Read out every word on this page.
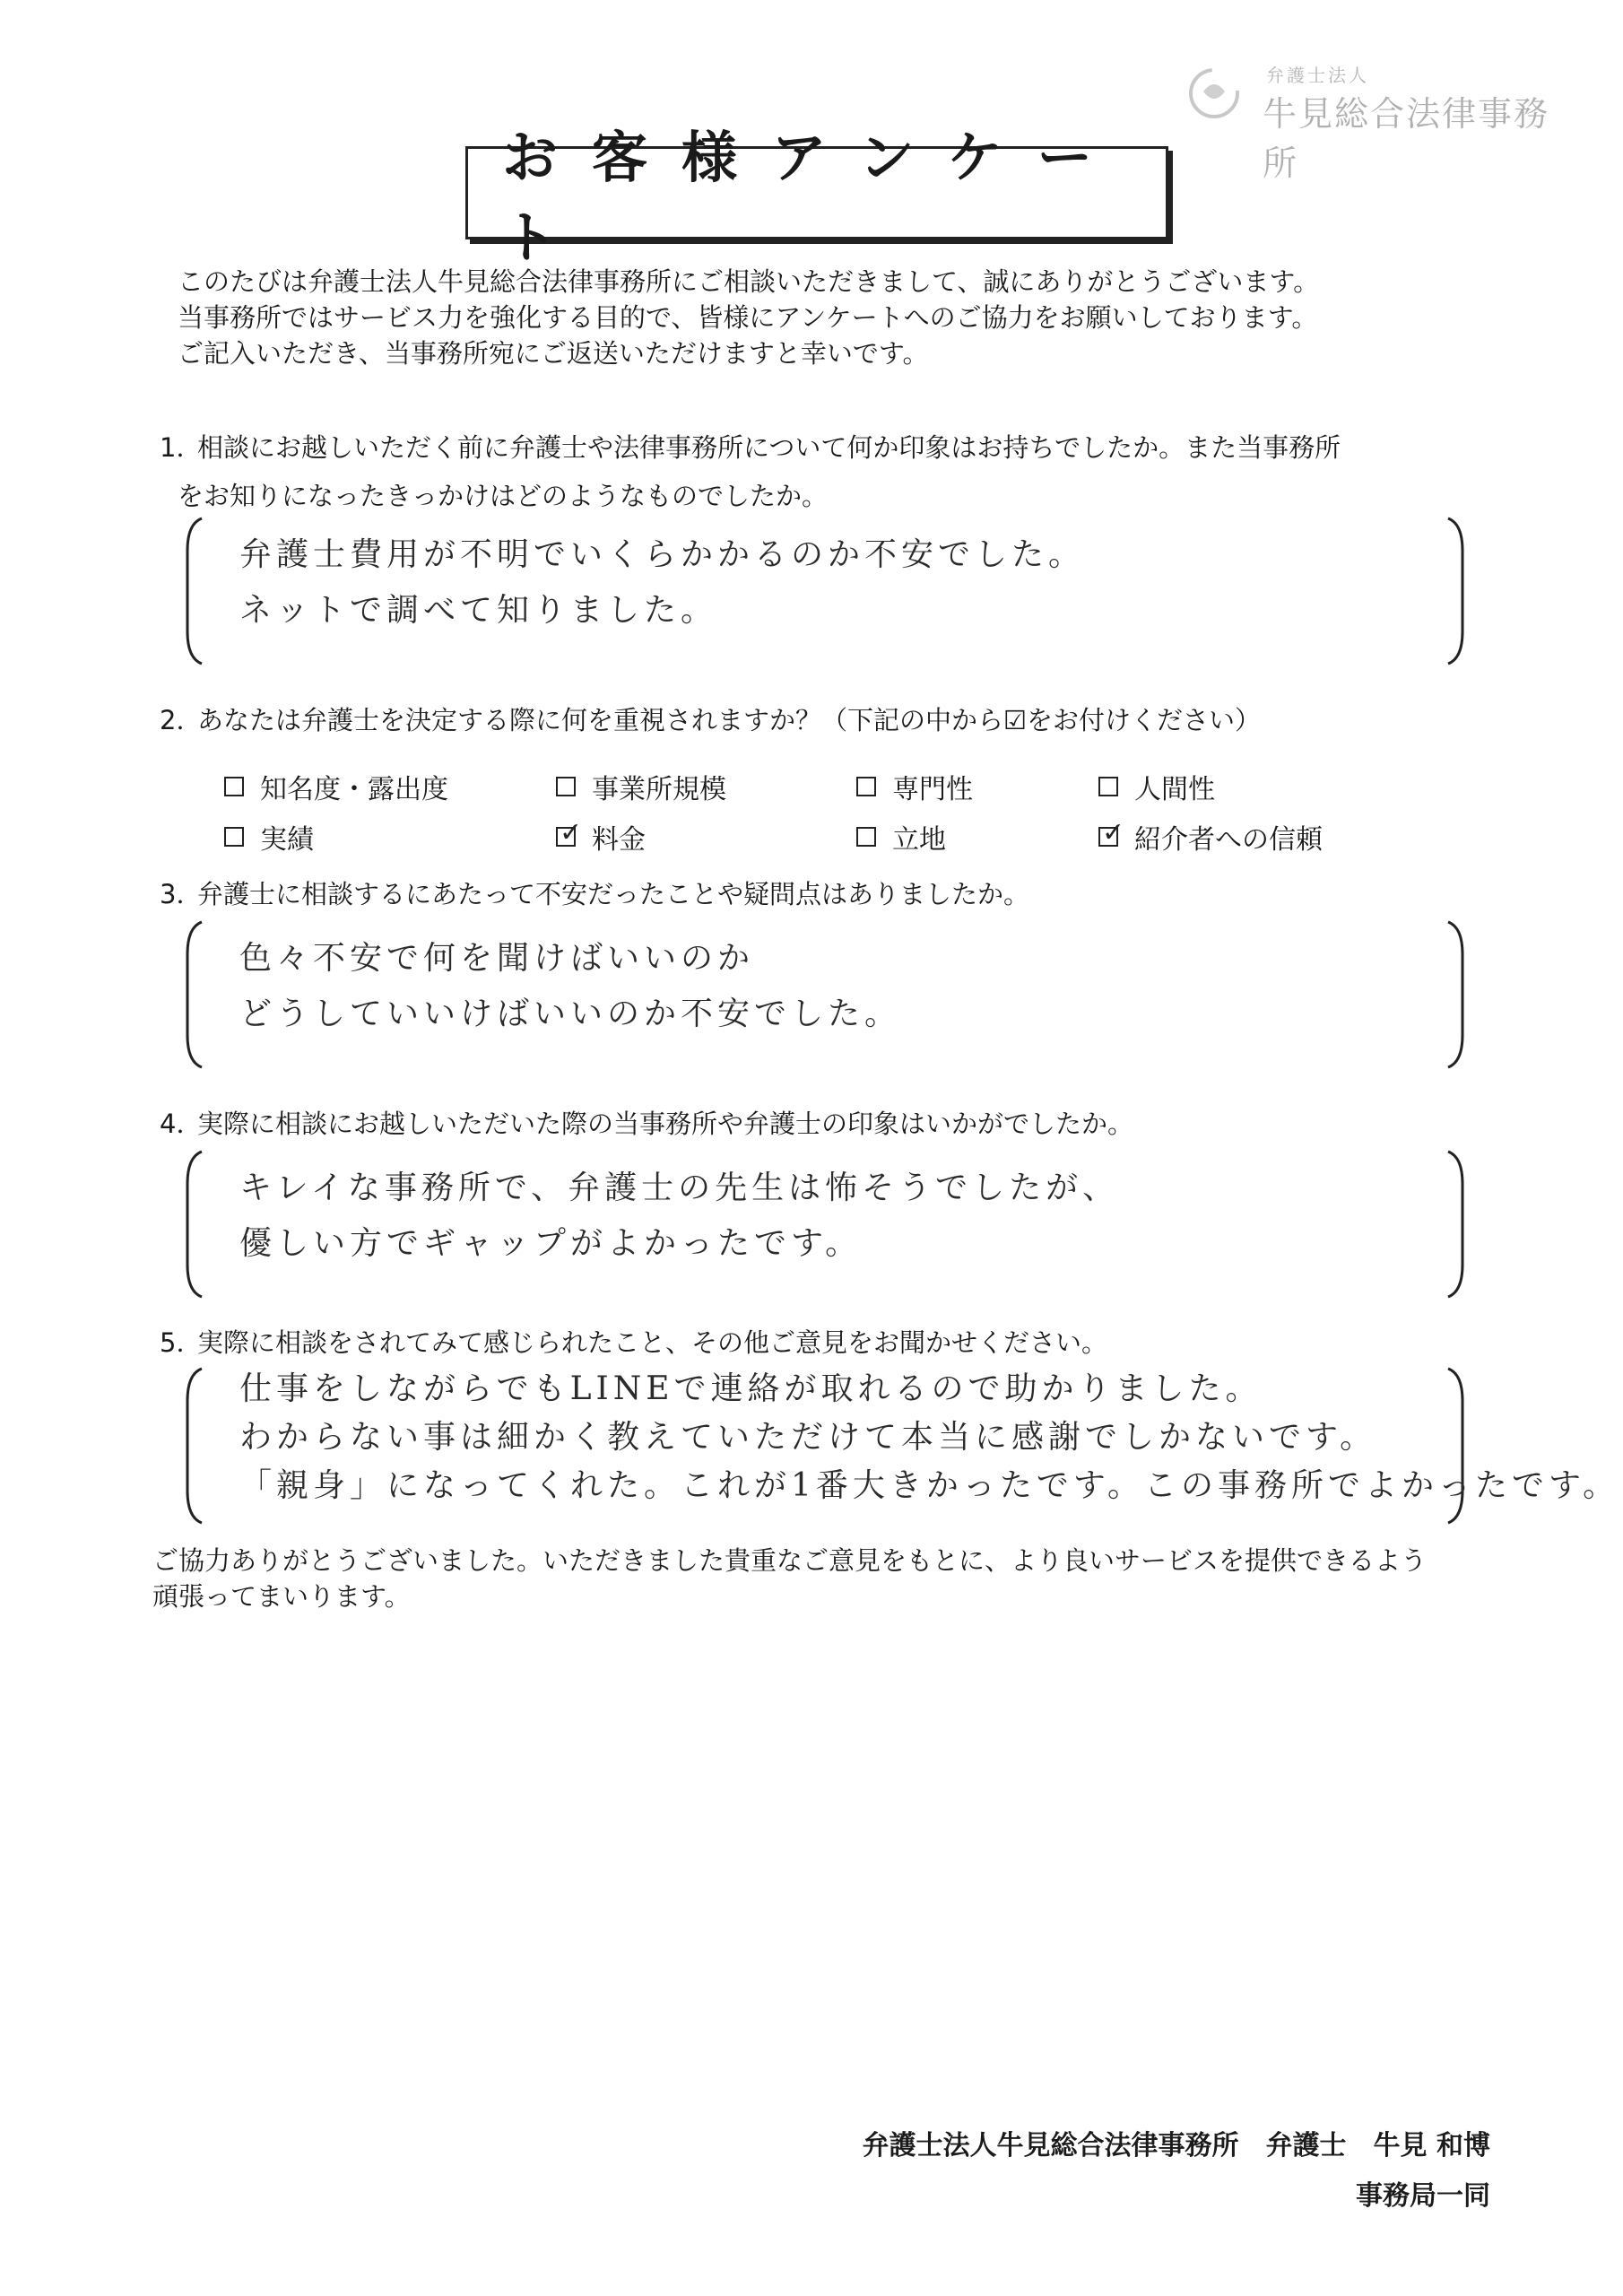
弁護士法人
牛見総合法律事務所
お客様アンケート
このたびは弁護士法人牛見総合法律事務所にご相談いただきまして、誠にありがとうございます。
当事務所ではサービス力を強化する目的で、皆様にアンケートへのご協力をお願いしております。
ご記入いただき、当事務所宛にご返送いただけますと幸いです。
1．相談にお越しいただく前に弁護士や法律事務所について何か印象はお持ちでしたか。また当事務所
をお知りになったきっかけはどのようなものでしたか。
弁護士費用が不明でいくらかかるのか不安でした。
ネットで調べて知りました。
2．あなたは弁護士を決定する際に何を重視されますか？（下記の中から☑をお付けください）
知名度・露出度	事業所規模	専門性	人間性
実績	✓ 料金	立地	✓ 紹介者への信頼
3．弁護士に相談するにあたって不安だったことや疑問点はありましたか。
色々不安で何を聞けばいいのか
どうしていいけばいいのか不安でした。
4．実際に相談にお越しいただいた際の当事務所や弁護士の印象はいかがでしたか。
キレイな事務所で、弁護士の先生は怖そうでしたが、
優しい方でギャップがよかったです。
5．実際に相談をされてみて感じられたこと、その他ご意見をお聞かせください。
仕事をしながらでもLINEで連絡が取れるので助かりました。
わからない事は細かく教えていただけて本当に感謝でしかないです。
「親身」になってくれた。これが1番大きかったです。この事務所でよかったです。
ご協力ありがとうございました。いただきました貴重なご意見をもとに、より良いサービスを提供できるよう
頑張ってまいります。
弁護士法人牛見総合法律事務所 弁護士 牛見 和博
事務局一同
